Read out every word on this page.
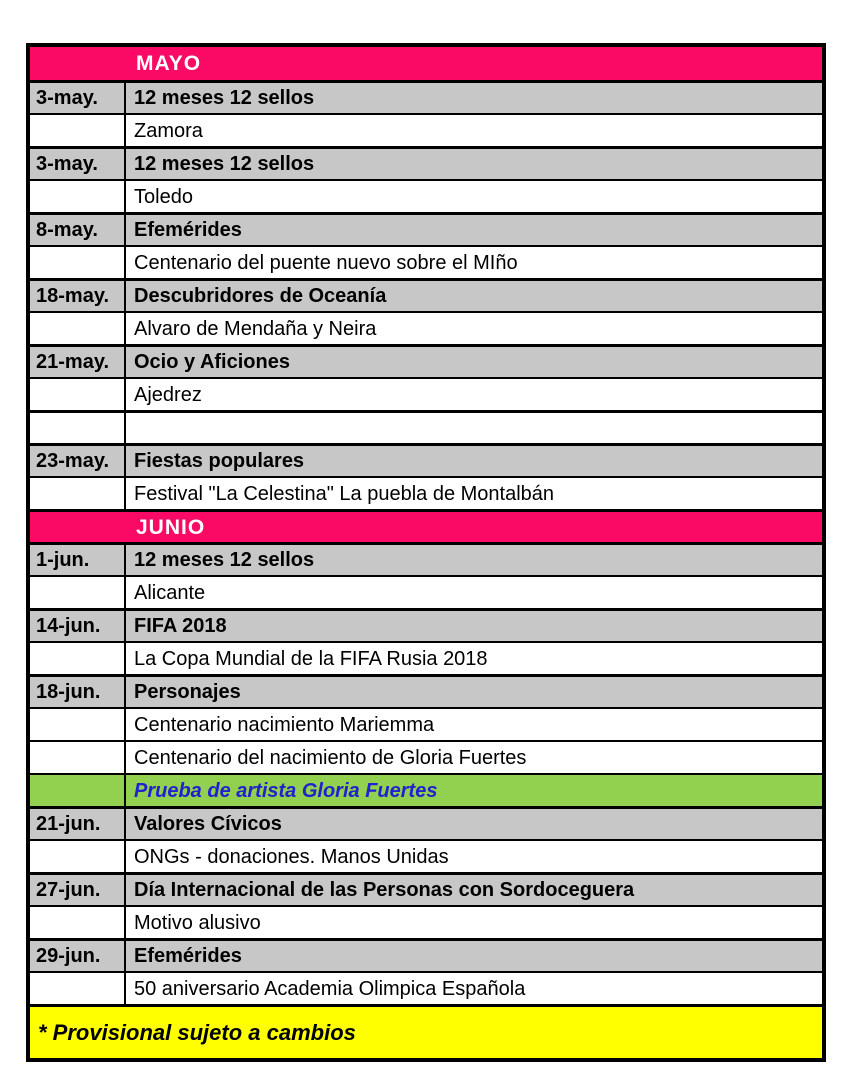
MAYO
3-may.	12 meses 12 sellos
Zamora
3-may.	12 meses 12 sellos
Toledo
8-may.	Efemérides
Centenario del puente nuevo sobre el MIño
18-may.	Descubridores de Oceanía
Alvaro de Mendaña y Neira
21-may.	Ocio y Aficiones
Ajedrez
23-may.	Fiestas populares
Festival "La Celestina" La puebla de Montalbán
JUNIO
1-jun.	12 meses 12 sellos
Alicante
14-jun.	FIFA 2018
La Copa Mundial de la FIFA Rusia 2018
18-jun.	Personajes
Centenario nacimiento Mariemma
Centenario del nacimiento de Gloria Fuertes
Prueba de artista Gloria Fuertes
21-jun.	Valores Cívicos
ONGs - donaciones. Manos Unidas
27-jun.	Día Internacional de las Personas con Sordoceguera
Motivo alusivo
29-jun.	Efemérides
50 aniversario Academia Olimpica Española
* Provisional sujeto a cambios
